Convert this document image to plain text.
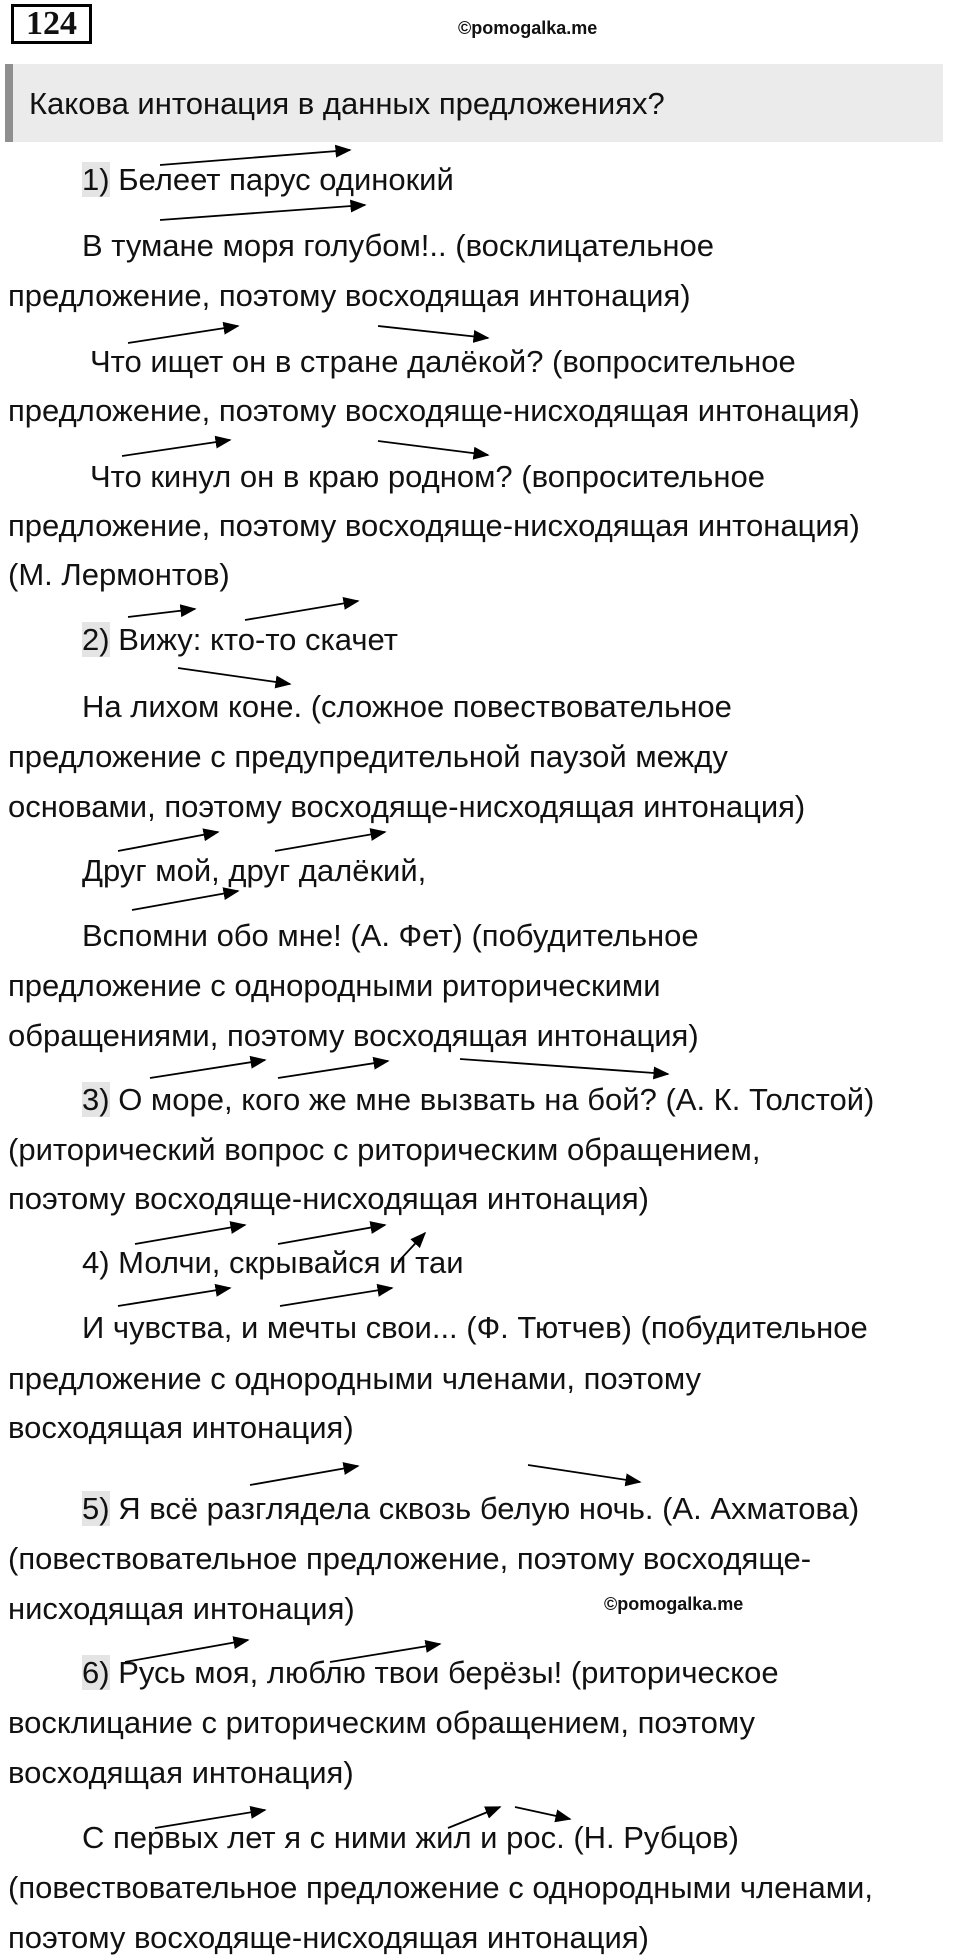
124	©pomogalka.me
Какова интонация в данных предложениях?
1) Белеет парус одинокий
В тумане моря голубом!.. (восклицательное
предложение, поэтому восходящая интонация)
Что ищет он в стране далёкой? (вопросительное
предложение, поэтому восходяще-нисходящая интонация)
Что кинул он в краю родном? (вопросительное
предложение, поэтому восходяще-нисходящая интонация)
(М. Лермонтов)
2) Вижу: кто-то скачет
На лихом коне. (сложное повествовательное
предложение с предупредительной паузой между
основами, поэтому восходяще-нисходящая интонация)
Друг мой, друг далёкий,
Вспомни обо мне! (А. Фет) (побудительное
предложение с однородными риторическими
обращениями, поэтому восходящая интонация)
3) О море, кого же мне вызвать на бой? (А. К. Толстой)
(риторический вопрос с риторическим обращением,
поэтому восходяще-нисходящая интонация)
4) Молчи, скрывайся и таи
И чувства, и мечты свои... (Ф. Тютчев) (побудительное
предложение с однородными членами, поэтому
восходящая интонация)
5) Я всё разглядела сквозь белую ночь. (А. Ахматова)
(повествовательное предложение, поэтому восходяще-
нисходящая интонация)	©pomogalka.me
6) Русь моя, люблю твои берёзы! (риторическое
восклицание с риторическим обращением, поэтому
восходящая интонация)
С первых лет я с ними жил и рос. (Н. Рубцов)
(повествовательное предложение с однородными членами,
поэтому восходяще-нисходящая интонация)
